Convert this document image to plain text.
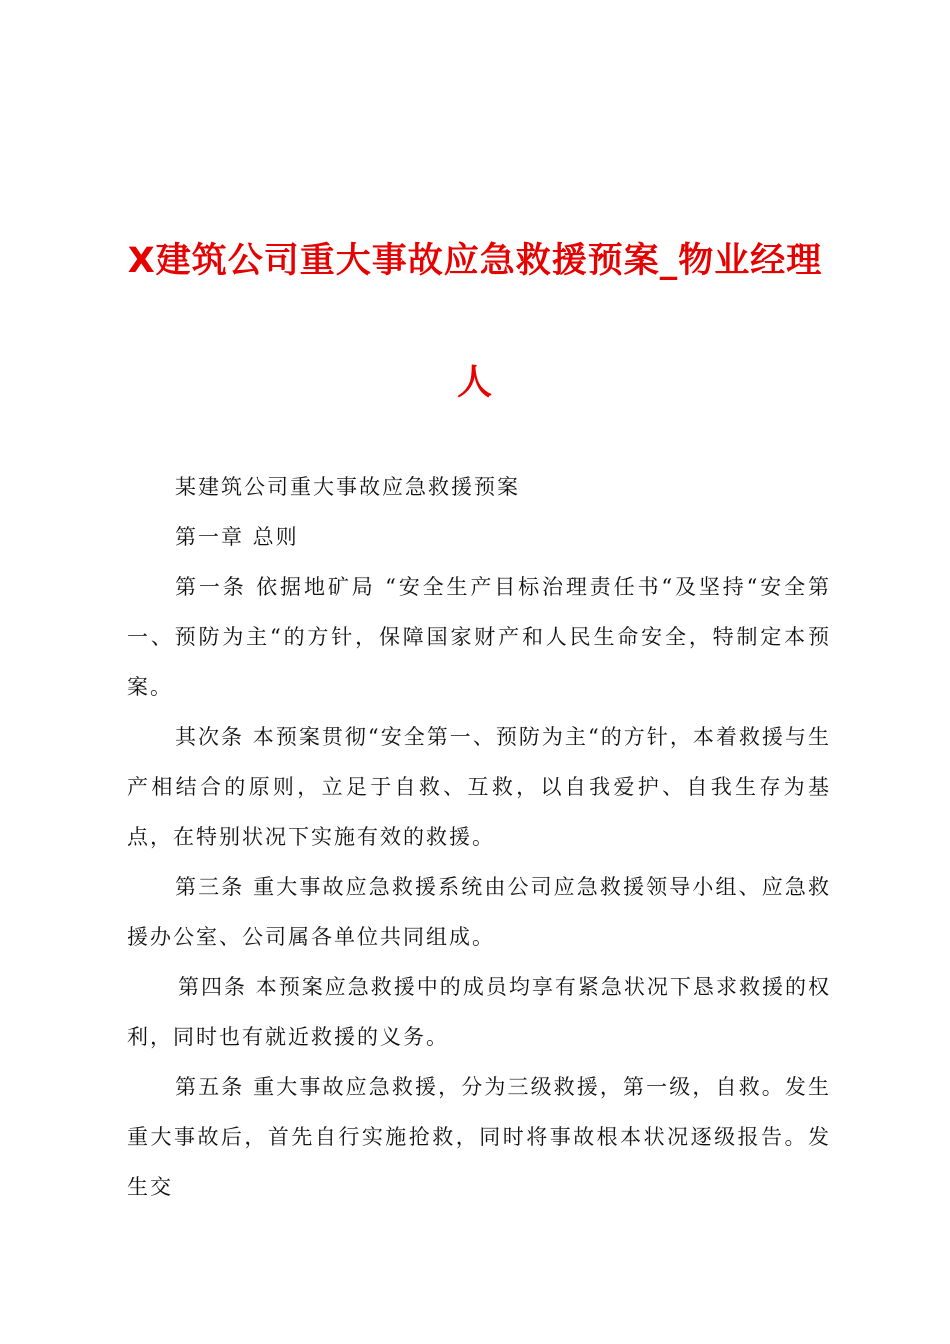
X建筑公司重大事故应急救援预案_物业经理人

某建筑公司重大事故应急救援预案

第一章 总则

第一条 依据地矿局 “安全生产目标治理责任书“及坚持“安全第一、预防为主“的方针，保障国家财产和人民生命安全，特制定本预案。

其次条 本预案贯彻“安全第一、预防为主“的方针，本着救援与生产相结合的原则，立足于自救、互救，以自我爱护、自我生存为基点，在特别状况下实施有效的救援。

第三条 重大事故应急救援系统由公司应急救援领导小组、应急救援办公室、公司属各单位共同组成。

第四条 本预案应急救援中的成员均享有紧急状况下恳求救援的权利，同时也有就近救援的义务。

第五条 重大事故应急救援，分为三级救援，第一级，自救。发生重大事故后，首先自行实施抢救，同时将事故根本状况逐级报告。发生交
